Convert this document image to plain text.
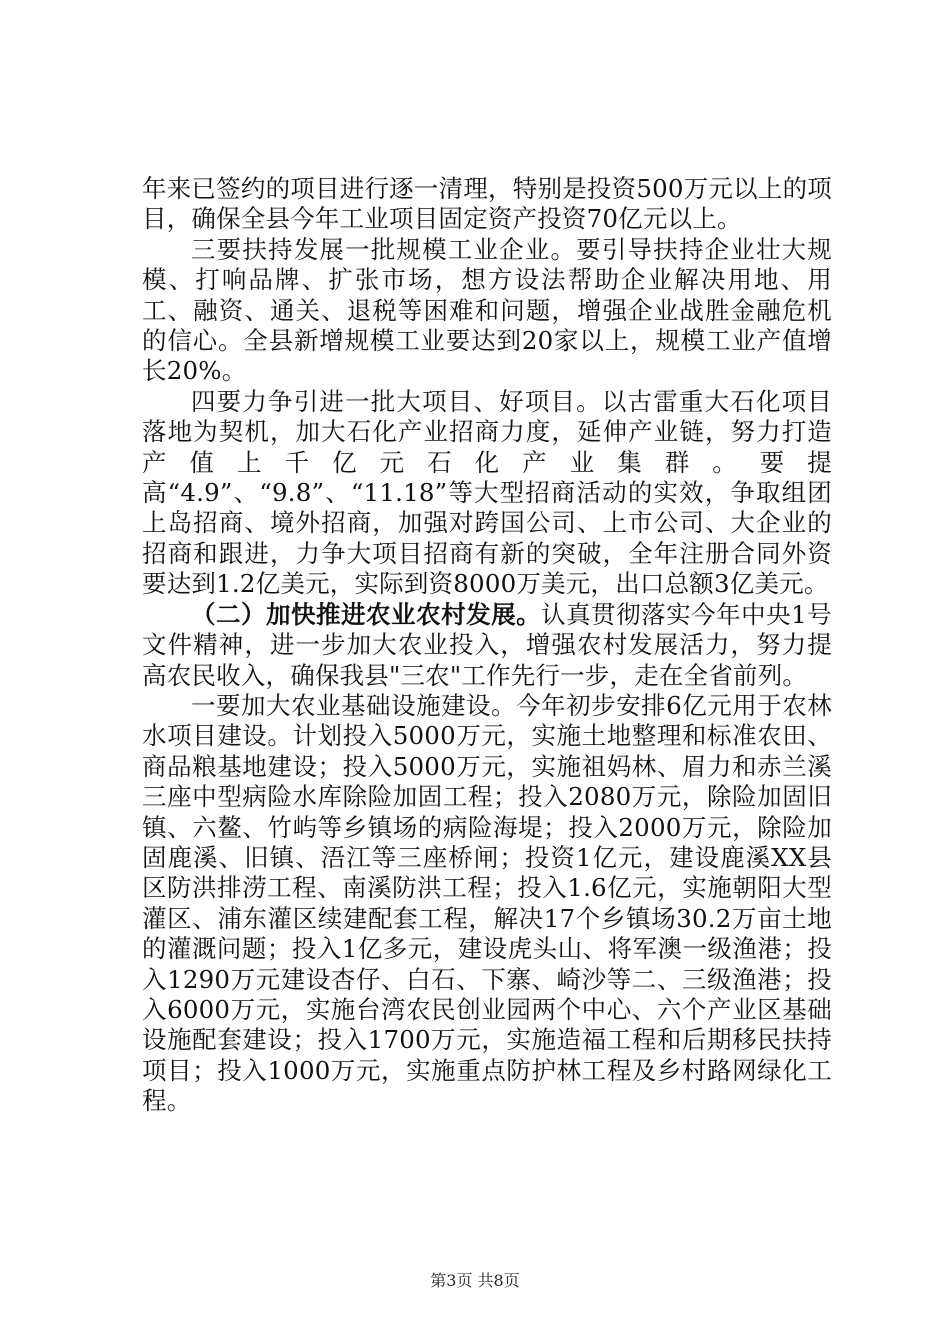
年来已签约的项目进行逐一清理，特别是投资500万元以上的项目，确保全县今年工业项目固定资产投资70亿元以上。

三要扶持发展一批规模工业企业。要引导扶持企业壮大规模、打响品牌、扩张市场，想方设法帮助企业解决用地、用工、融资、通关、退税等困难和问题，增强企业战胜金融危机的信心。全县新增规模工业要达到20家以上，规模工业产值增长20%。

四要力争引进一批大项目、好项目。以古雷重大石化项目落地为契机，加大石化产业招商力度，延伸产业链，努力打造产值上千亿元石化产业集群。要提高“4.9”、“9.8”、“11.18”等大型招商活动的实效，争取组团上岛招商、境外招商，加强对跨国公司、上市公司、大企业的招商和跟进，力争大项目招商有新的突破，全年注册合同外资要达到1.2亿美元，实际到资8000万美元，出口总额3亿美元。

（二）加快推进农业农村发展。认真贯彻落实今年中央1号文件精神，进一步加大农业投入，增强农村发展活力，努力提高农民收入，确保我县"三农"工作先行一步，走在全省前列。

一要加大农业基础设施建设。今年初步安排6亿元用于农林水项目建设。计划投入5000万元，实施土地整理和标准农田、商品粮基地建设；投入5000万元，实施祖妈林、眉力和赤兰溪三座中型病险水库除险加固工程；投入2080万元，除险加固旧镇、六鳌、竹屿等乡镇场的病险海堤；投入2000万元，除险加固鹿溪、旧镇、浯江等三座桥闸；投资1亿元，建设鹿溪XX县区防洪排涝工程、南溪防洪工程；投入1.6亿元，实施朝阳大型灌区、浦东灌区续建配套工程，解决17个乡镇场30.2万亩土地的灌溉问题；投入1亿多元，建设虎头山、将军澳一级渔港；投入1290万元建设杏仔、白石、下寨、崎沙等二、三级渔港；投入6000万元，实施台湾农民创业园两个中心、六个产业区基础设施配套建设；投入1700万元，实施造福工程和后期移民扶持项目；投入1000万元，实施重点防护林工程及乡村路网绿化工程。

第3页 共8页
